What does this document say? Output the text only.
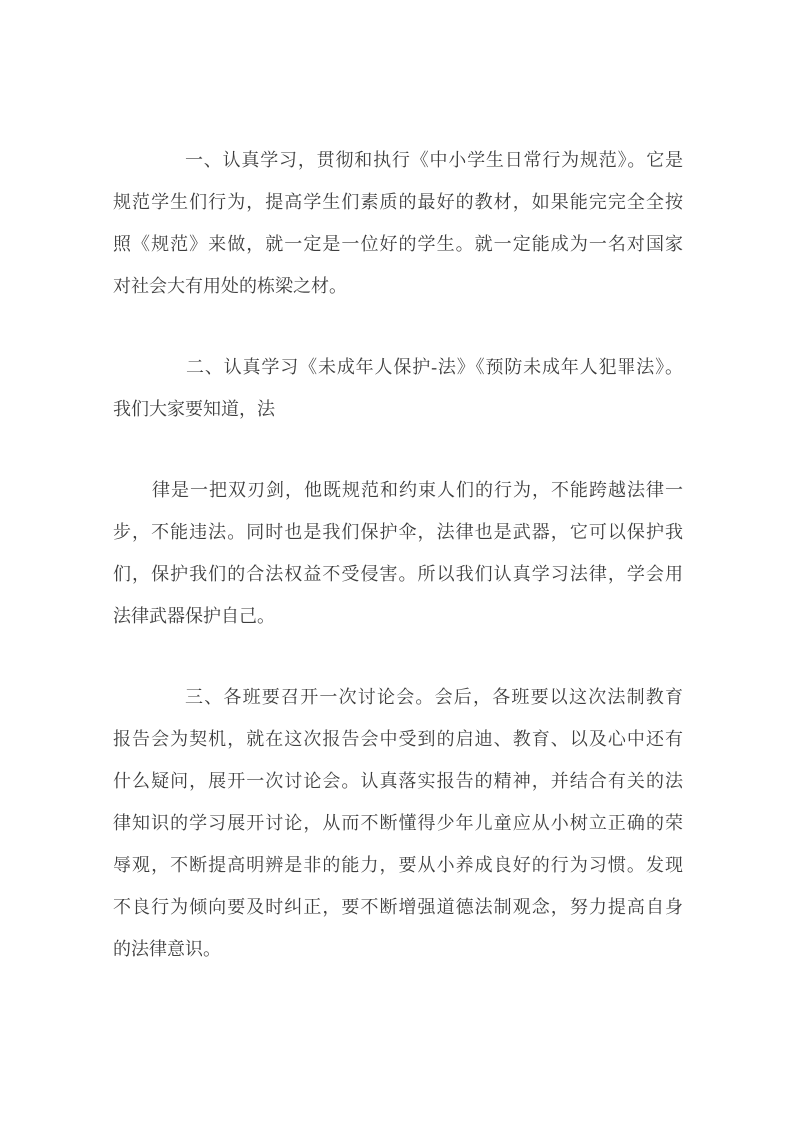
一、认真学习，贯彻和执行《中小学生日常行为规范》。它是
规范学生们行为，提高学生们素质的最好的教材，如果能完完全全按
照《规范》来做，就一定是一位好的学生。就一定能成为一名对国家
对社会大有用处的栋梁之材。
二、认真学习《未成年人保护-法》《预防未成年人犯罪法》。
我们大家要知道，法
律是一把双刃剑，他既规范和约束人们的行为，不能跨越法律一
步，不能违法。同时也是我们保护伞，法律也是武器，它可以保护我
们，保护我们的合法权益不受侵害。所以我们认真学习法律，学会用
法律武器保护自己。
三、各班要召开一次讨论会。会后，各班要以这次法制教育
报告会为契机，就在这次报告会中受到的启迪、教育、以及心中还有
什么疑问，展开一次讨论会。认真落实报告的精神，并结合有关的法
律知识的学习展开讨论，从而不断懂得少年儿童应从小树立正确的荣
辱观，不断提高明辨是非的能力，要从小养成良好的行为习惯。发现
不良行为倾向要及时纠正，要不断增强道德法制观念，努力提高自身
的法律意识。
